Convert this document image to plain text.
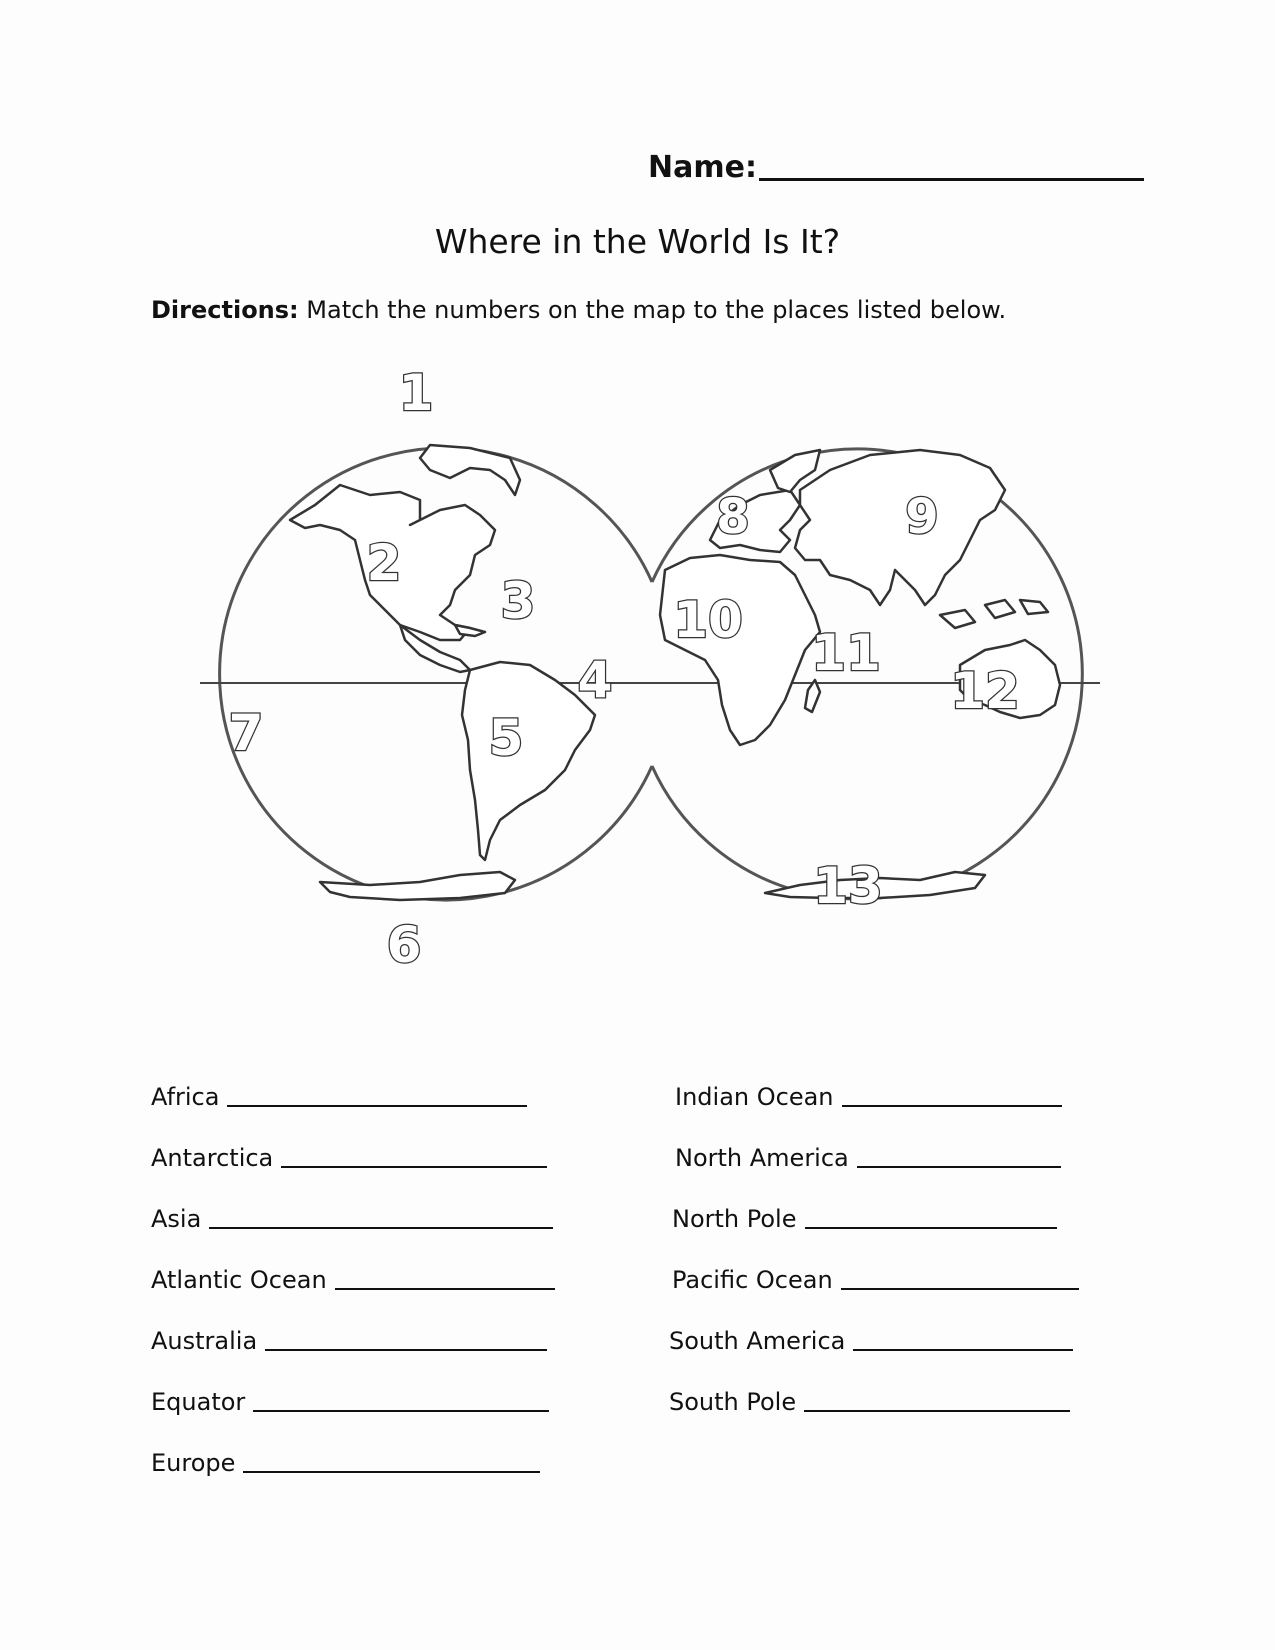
Name:
Where in the World Is It?
Directions: Match the numbers on the map to the places listed below.
1
2
3
4
5
6
7
8	9
10
11
12
13
Africa
Antarctica
Asia
Atlantic Ocean
Australia
Equator
Europe
Indian Ocean
North America
North Pole
Pacific Ocean
South America
South Pole
